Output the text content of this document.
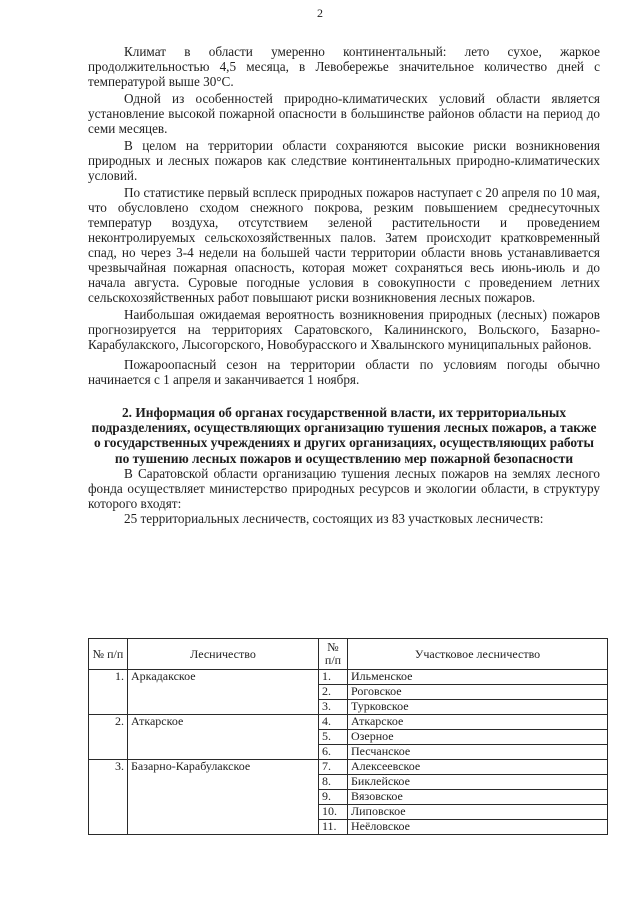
2

Климат в области умеренно континентальный: лето сухое, жаркое продолжительностью 4,5 месяца, в Левобережье значительное количество дней с температурой выше 30°С.

Одной из особенностей природно-климатических условий области является установление высокой пожарной опасности в большинстве районов области на период до семи месяцев.

В целом на территории области сохраняются высокие риски возникновения природных и лесных пожаров как следствие континентальных природно-климатических условий.

По статистике первый всплеск природных пожаров наступает с 20 апреля по 10 мая, что обусловлено сходом снежного покрова, резким повышением среднесуточных температур воздуха, отсутствием зеленой растительности и проведением неконтролируемых сельскохозяйственных палов. Затем происходит кратковременный спад, но через 3-4 недели на большей части территории области вновь устанавливается чрезвычайная пожарная опасность, которая может сохраняться весь июнь-июль и до начала августа. Суровые погодные условия в совокупности с проведением летних сельскохозяйственных работ повышают риски возникновения лесных пожаров.

Наибольшая ожидаемая вероятность возникновения природных (лесных) пожаров прогнозируется на территориях Саратовского, Калининского, Вольского, Базарно-Карабулакского, Лысогорского, Новобурасского и Хвалынского муниципальных районов.

Пожароопасный сезон на территории области по условиям погоды обычно начинается с 1 апреля и заканчивается 1 ноября.

2. Информация об органах государственной власти, их территориальных подразделениях, осуществляющих организацию тушения лесных пожаров, а также о государственных учреждениях и других организациях, осуществляющих работы по тушению лесных пожаров и осуществлению мер пожарной безопасности

В Саратовской области организацию тушения лесных пожаров на землях лесного фонда осуществляет министерство природных ресурсов и экологии области, в структуру которого входят:

25 территориальных лесничеств, состоящих из 83 участковых лесничеств:

№ п/п	Лесничество	№ п/п	Участковое лесничество
1.	Аркадакское	1.	Ильменское
		2.	Роговское
		3.	Турковское
2.	Аткарское	4.	Аткарское
		5.	Озерное
		6.	Песчанское
3.	Базарно-Карабулакское	7.	Алексеевское
		8.	Биклейское
		9.	Вязовское
		10.	Липовское
		11.	Неёловское
